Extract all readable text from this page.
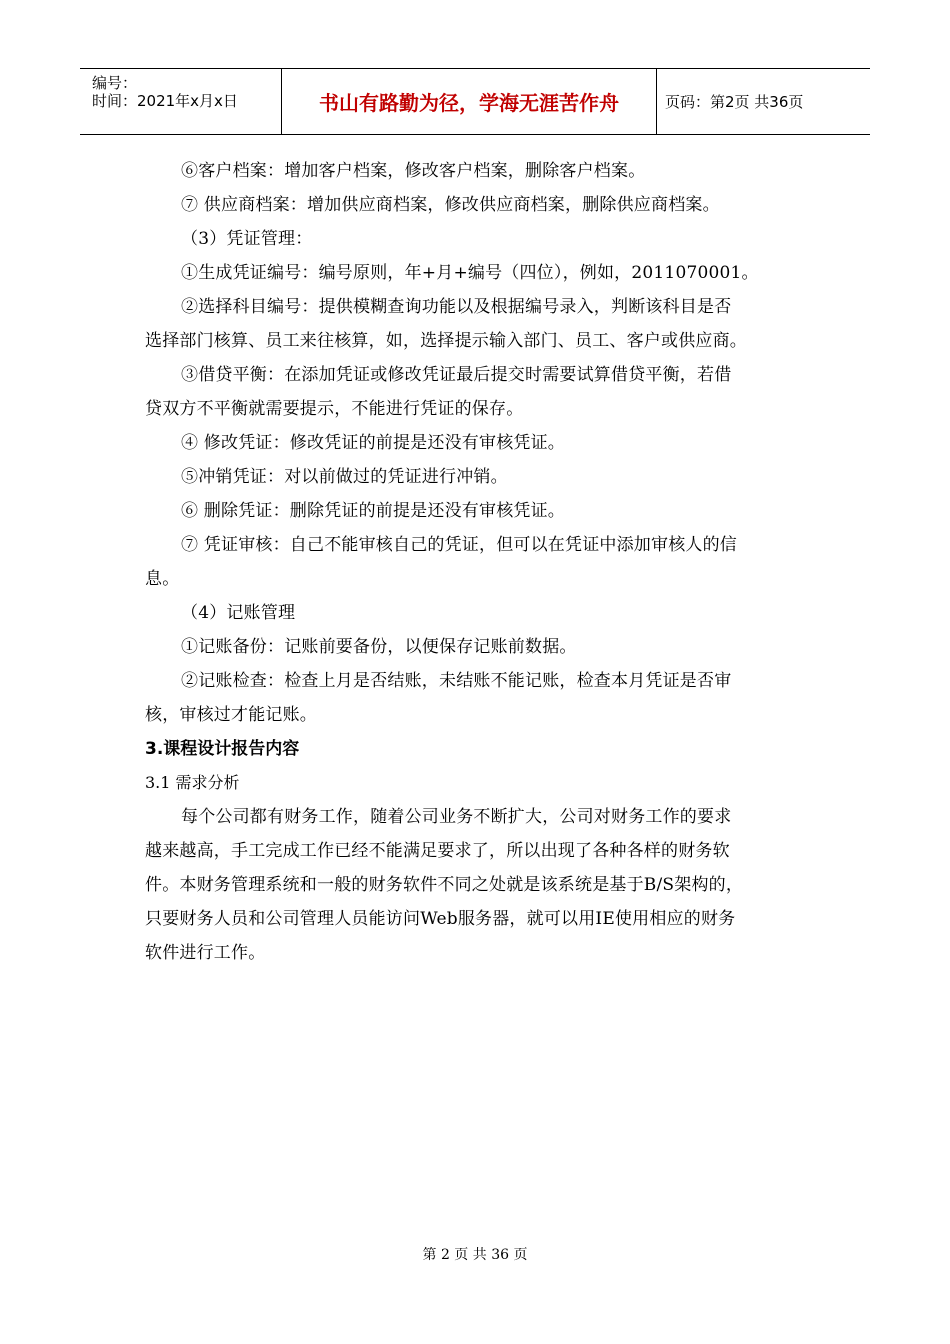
编号：
时间：2021年x月x日	书山有路勤为径，学海无涯苦作舟	页码：第2页 共36页

⑥客户档案：增加客户档案，修改客户档案，删除客户档案。

⑦ 供应商档案：增加供应商档案，修改供应商档案，删除供应商档案。

（3）凭证管理：

①生成凭证编号：编号原则，年+月+编号（四位），例如，2011070001。

②选择科目编号：提供模糊查询功能以及根据编号录入，判断该科目是否

选择部门核算、员工来往核算，如，选择提示输入部门、员工、客户或供应商。

③借贷平衡：在添加凭证或修改凭证最后提交时需要试算借贷平衡，若借

贷双方不平衡就需要提示，不能进行凭证的保存。

④ 修改凭证：修改凭证的前提是还没有审核凭证。

⑤冲销凭证：对以前做过的凭证进行冲销。

⑥ 删除凭证：删除凭证的前提是还没有审核凭证。

⑦ 凭证审核：自己不能审核自己的凭证，但可以在凭证中添加审核人的信

息。

（4）记账管理

①记账备份：记账前要备份，以便保存记账前数据。

②记账检查：检查上月是否结账，未结账不能记账，检查本月凭证是否审

核，审核过才能记账。

3.课程设计报告内容

3.1 需求分析

每个公司都有财务工作，随着公司业务不断扩大，公司对财务工作的要求

越来越高，手工完成工作已经不能满足要求了，所以出现了各种各样的财务软

件。本财务管理系统和一般的财务软件不同之处就是该系统是基于B/S架构的，

只要财务人员和公司管理人员能访问Web服务器，就可以用IE使用相应的财务

软件进行工作。

第 2 页 共 36 页
